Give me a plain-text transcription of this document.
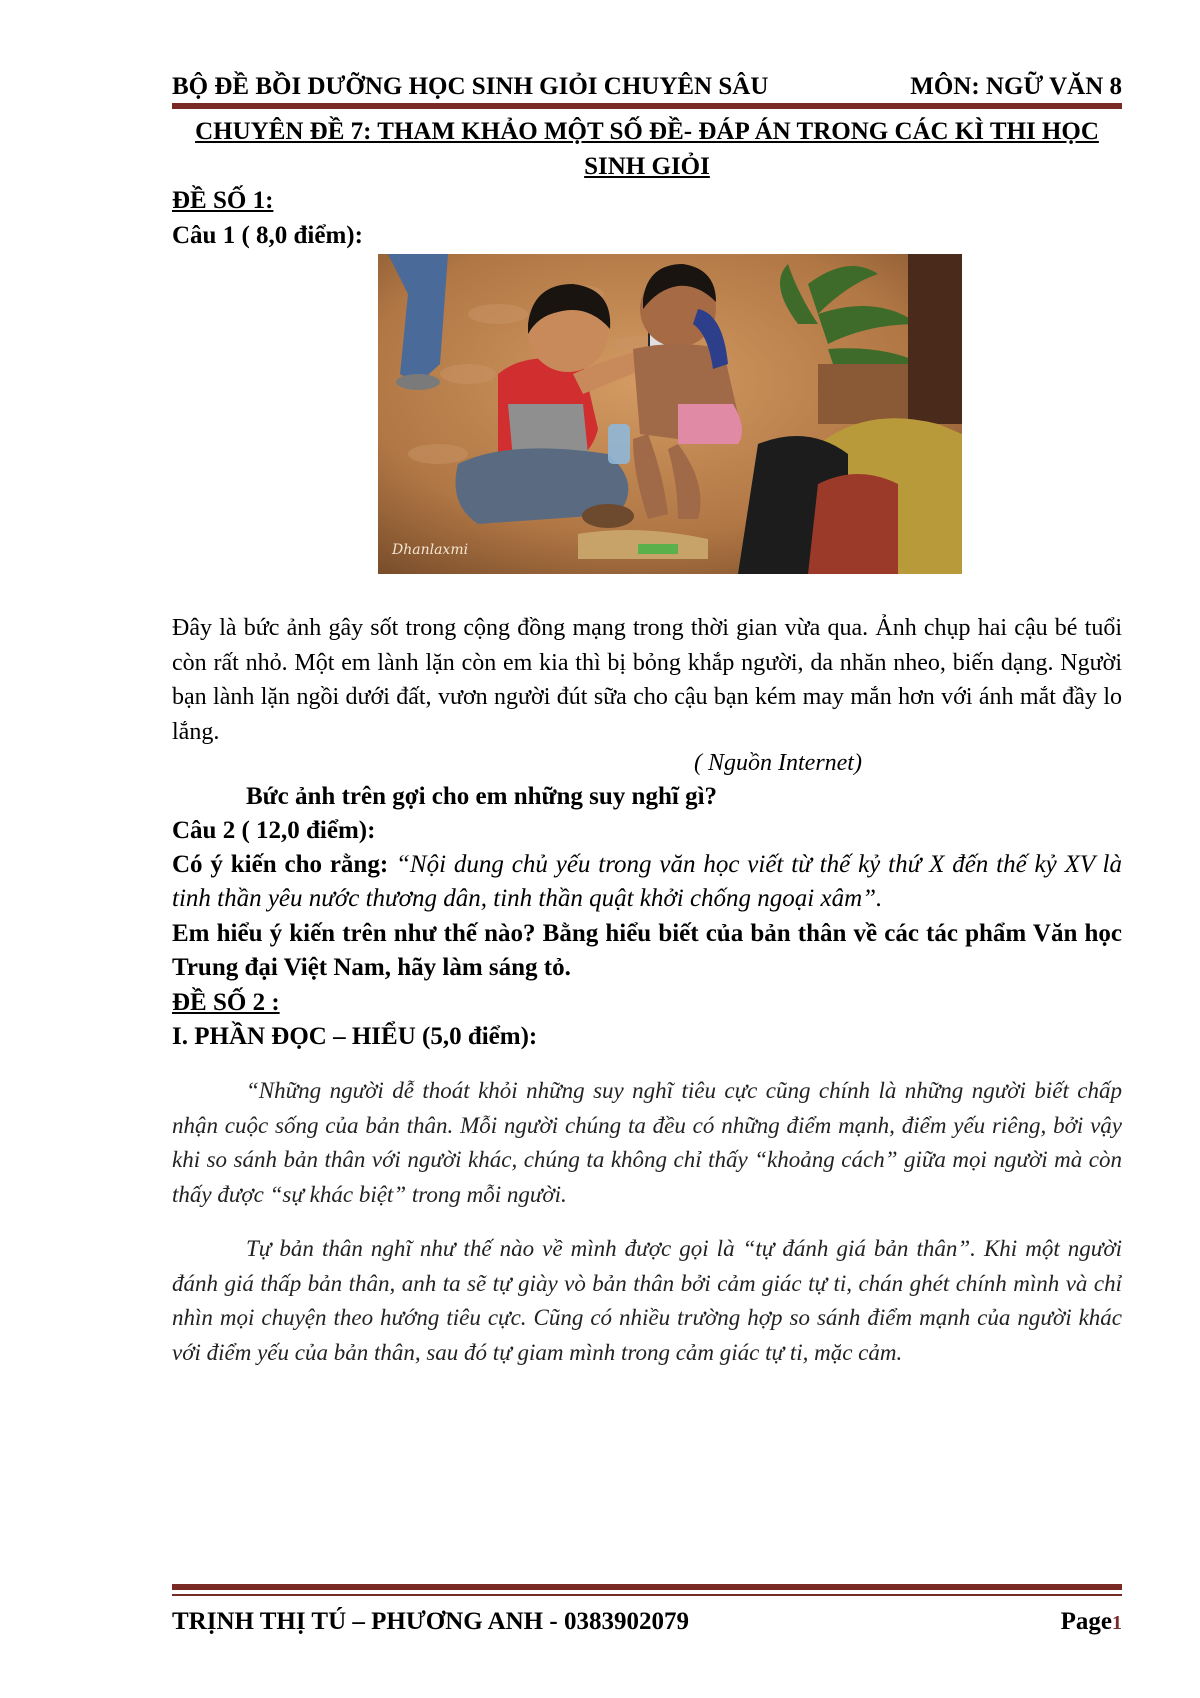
BỘ ĐỀ BỒI DƯỠNG HỌC SINH GIỎI CHUYÊN SÂU	MÔN: NGỮ VĂN 8
CHUYÊN ĐỀ 7: THAM KHẢO MỘT SỐ ĐỀ- ĐÁP ÁN TRONG CÁC KÌ THI HỌC SINH GIỎI
ĐỀ SỐ 1:
Câu 1 ( 8,0 điểm):
Dhanlaxmi
Đây là bức ảnh gây sốt trong cộng đồng mạng trong thời gian vừa qua. Ảnh chụp hai cậu bé tuổi còn rất nhỏ. Một em lành lặn còn em kia thì bị bỏng khắp người, da nhăn nheo, biến dạng. Người bạn lành lặn ngồi dưới đất, vươn người đút sữa cho cậu bạn kém may mắn hơn với ánh mắt đầy lo lắng.
( Nguồn Internet)
Bức ảnh trên gợi cho em những suy nghĩ gì?
Câu 2 ( 12,0 điểm):
Có ý kiến cho rằng: “Nội dung chủ yếu trong văn học viết từ thế kỷ thứ X đến thế kỷ XV là tinh thần yêu nước thương dân, tinh thần quật khởi chống ngoại xâm”.
Em hiểu ý kiến trên như thế nào? Bằng hiểu biết của bản thân về các tác phẩm Văn học Trung đại Việt Nam, hãy làm sáng tỏ.
ĐỀ SỐ 2 :
I. PHẦN ĐỌC – HIỂU (5,0 điểm):
“Những người dễ thoát khỏi những suy nghĩ tiêu cực cũng chính là những người biết chấp nhận cuộc sống của bản thân. Mỗi người chúng ta đều có những điểm mạnh, điểm yếu riêng, bởi vậy khi so sánh bản thân với người khác, chúng ta không chỉ thấy “khoảng cách” giữa mọi người mà còn thấy được “sự khác biệt” trong mỗi người.
Tự bản thân nghĩ như thế nào về mình được gọi là “tự đánh giá bản thân”. Khi một người đánh giá thấp bản thân, anh ta sẽ tự giày vò bản thân bởi cảm giác tự ti, chán ghét chính mình và chỉ nhìn mọi chuyện theo hướng tiêu cực. Cũng có nhiều trường hợp so sánh điểm mạnh của người khác với điểm yếu của bản thân, sau đó tự giam mình trong cảm giác tự ti, mặc cảm.
TRỊNH THỊ TÚ – PHƯƠNG ANH - 0383902079	Page1
